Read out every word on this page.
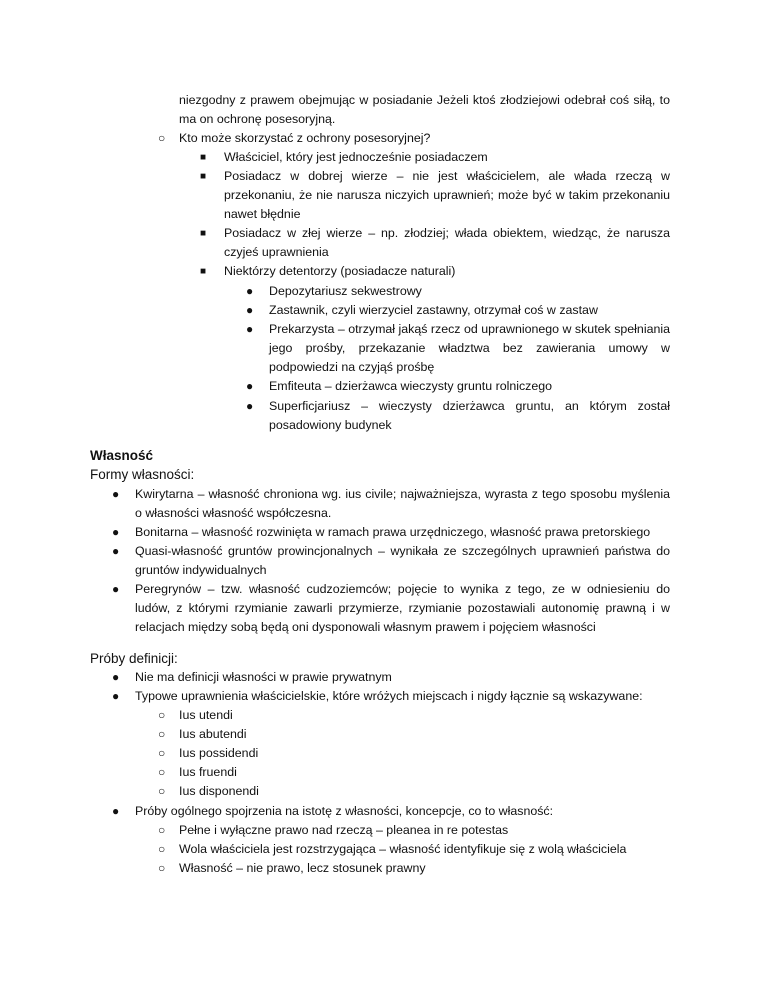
niezgodny z prawem obejmując w posiadanie Jeżeli ktoś złodziejowi odebrał coś siłą, to
ma on ochronę posesoryjną.
○ Kto może skorzystać z ochrony posesoryjnej?
■ Właściciel, który jest jednocześnie posiadaczem
■ Posiadacz w dobrej wierze – nie jest właścicielem, ale włada rzeczą w
przekonaniu, że nie narusza niczyich uprawnień; może być w takim przekonaniu
nawet błędnie
■ Posiadacz w złej wierze – np. złodziej; włada obiektem, wiedząc, że narusza
czyjeś uprawnienia
■ Niektórzy detentorzy (posiadacze naturali)
● Depozytariusz sekwestrowy
● Zastawnik, czyli wierzyciel zastawny, otrzymał coś w zastaw
● Prekarzysta – otrzymał jakąś rzecz od uprawnionego w skutek spełniania
jego prośby, przekazanie władztwa bez zawierania umowy w
podpowiedzi na czyjąś prośbę
● Emfiteuta – dzierżawca wieczysty gruntu rolniczego
● Superficjariusz – wieczysty dzierżawca gruntu, an którym został
posadowiony budynek
Własność
Formy własności:
● Kwirytarna – własność chroniona wg. ius civile; najważniejsza, wyrasta z tego sposobu myślenia
o własności własność współczesna.
● Bonitarna – własność rozwinięta w ramach prawa urzędniczego, własność prawa pretorskiego
● Quasi-własność gruntów prowincjonalnych – wynikała ze szczególnych uprawnień państwa do
gruntów indywidualnych
● Peregrynów – tzw. własność cudzoziemców; pojęcie to wynika z tego, ze w odniesieniu do
ludów, z którymi rzymianie zawarli przymierze, rzymianie pozostawiali autonomię prawną i w
relacjach między sobą będą oni dysponowali własnym prawem i pojęciem własności
Próby definicji:
● Nie ma definicji własności w prawie prywatnym
● Typowe uprawnienia właścicielskie, które wróżych miejscach i nigdy łącznie są wskazywane:
○ Ius utendi
○ Ius abutendi
○ Ius possidendi
○ Ius fruendi
○ Ius disponendi
● Próby ogólnego spojrzenia na istotę z własności, koncepcje, co to własność:
○ Pełne i wyłączne prawo nad rzeczą – pleanea in re potestas
○ Wola właściciela jest rozstrzygająca – własność identyfikuje się z wolą właściciela
○ Własność – nie prawo, lecz stosunek prawny
